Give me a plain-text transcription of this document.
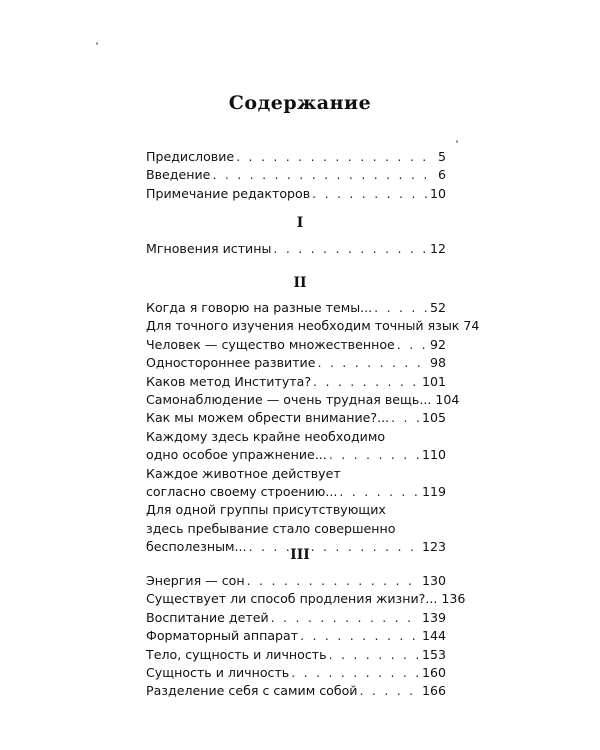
Содержание
Предисловие . . .	5
Введение . . .	6
Примечание редакторов . . .	10
I
Мгновения истины . . .	12
II
Когда я говорю на разные темы... . . .	52
Для точного изучения необходим точный язык 74
Человек — существо множественное . . .	92
Одностороннее развитие . . .	98
Каков метод Института? . . .	101
Самонаблюдение — очень трудная вещь... 104
Как мы можем обрести внимание?... . . .	105
Каждому здесь крайне необходимо
одно особое упражнение... . . .	110
Каждое животное действует
согласно своему строению... . . .	119
Для одной группы присутствующих
здесь пребывание стало совершенно
бесполезным... . . .	123
III
Энергия — сон . . .	130
Существует ли способ продления жизни?... 136
Воспитание детей . . .	139
Форматорный аппарат . . .	144
Тело, сущность и личность . . .	153
Сущность и личность . . .	160
Разделение себя с самим собой . . .	166
